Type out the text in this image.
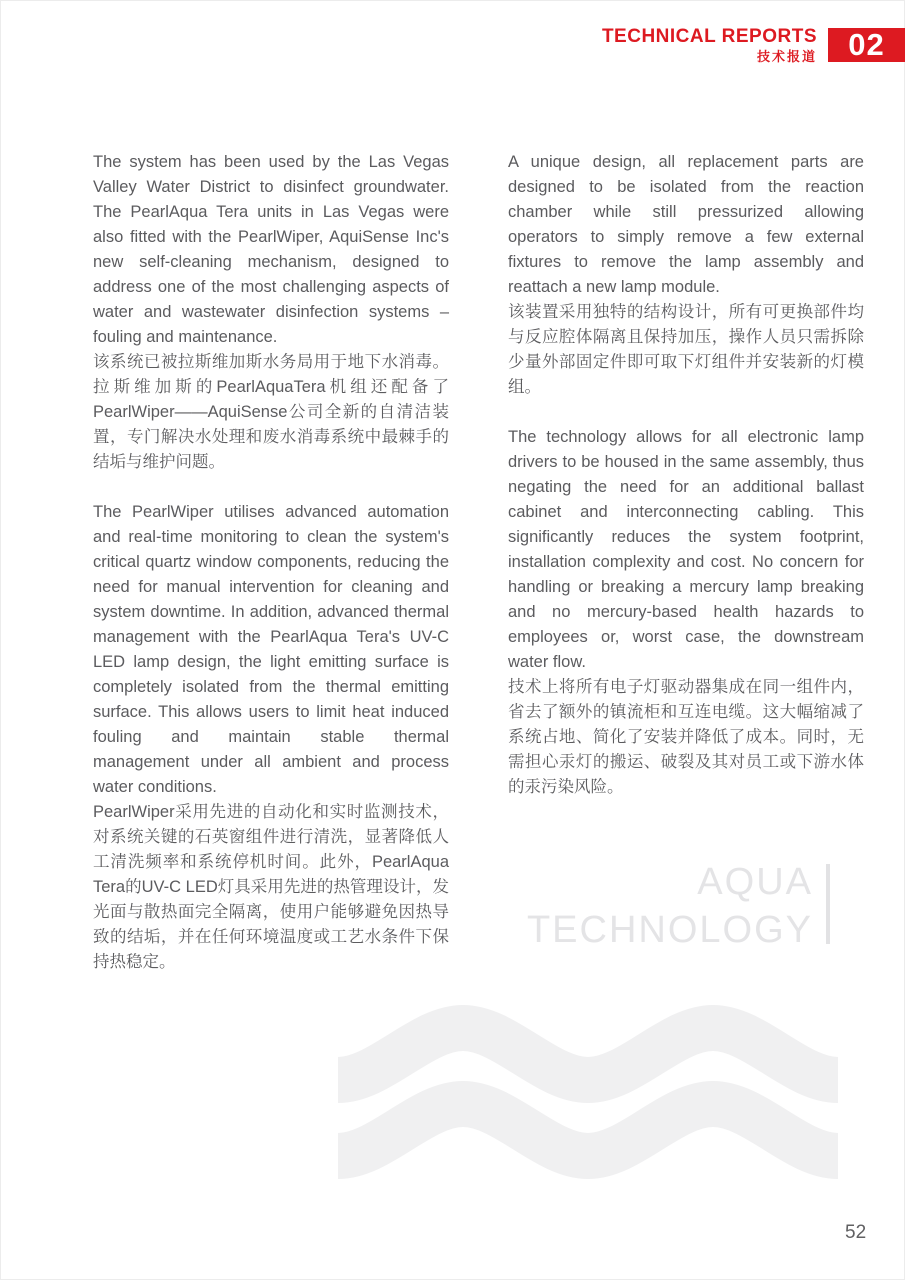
TECHNICAL REPORTS
技术报道	02

The system has been used by the Las Vegas Valley Water District to disinfect groundwater. The PearlAqua Tera units in Las Vegas were also fitted with the PearlWiper, AquiSense Inc's new self-cleaning mechanism, designed to address one of the most challenging aspects of water and wastewater disinfection systems – fouling and maintenance.

该系统已被拉斯维加斯水务局用于地下水消毒。拉斯维加斯的PearlAquaTera机组还配备了PearlWiper——AquiSense公司全新的自清洁装置，专门解决水处理和废水消毒系统中最棘手的结垢与维护问题。

The PearlWiper utilises advanced automation and real-time monitoring to clean the system's critical quartz window components, reducing the need for manual intervention for cleaning and system downtime. In addition, advanced thermal management with the PearlAqua Tera's UV-C LED lamp design, the light emitting surface is completely isolated from the thermal emitting surface. This allows users to limit heat induced fouling and maintain stable thermal management under all ambient and process water conditions.

PearlWiper采用先进的自动化和实时监测技术，对系统关键的石英窗组件进行清洗，显著降低人工清洗频率和系统停机时间。此外，PearlAqua Tera的UV-C LED灯具采用先进的热管理设计，发光面与散热面完全隔离，使用户能够避免因热导致的结垢，并在任何环境温度或工艺水条件下保持热稳定。

A unique design, all replacement parts are designed to be isolated from the reaction chamber while still pressurized allowing operators to simply remove a few external fixtures to remove the lamp assembly and reattach a new lamp module.

该装置采用独特的结构设计，所有可更换部件均与反应腔体隔离且保持加压，操作人员只需拆除少量外部固定件即可取下灯组件并安装新的灯模组。

The technology allows for all electronic lamp drivers to be housed in the same assembly, thus negating the need for an additional ballast cabinet and interconnecting cabling. This significantly reduces the system footprint, installation complexity and cost. No concern for handling or breaking a mercury lamp breaking and no mercury-based health hazards to employees or, worst case, the downstream water flow.

技术上将所有电子灯驱动器集成在同一组件内，省去了额外的镇流柜和互连电缆。这大幅缩减了系统占地、简化了安装并降低了成本。同时，无需担心汞灯的搬运、破裂及其对员工或下游水体的汞污染风险。

AQUA
TECHNOLOGY
52
